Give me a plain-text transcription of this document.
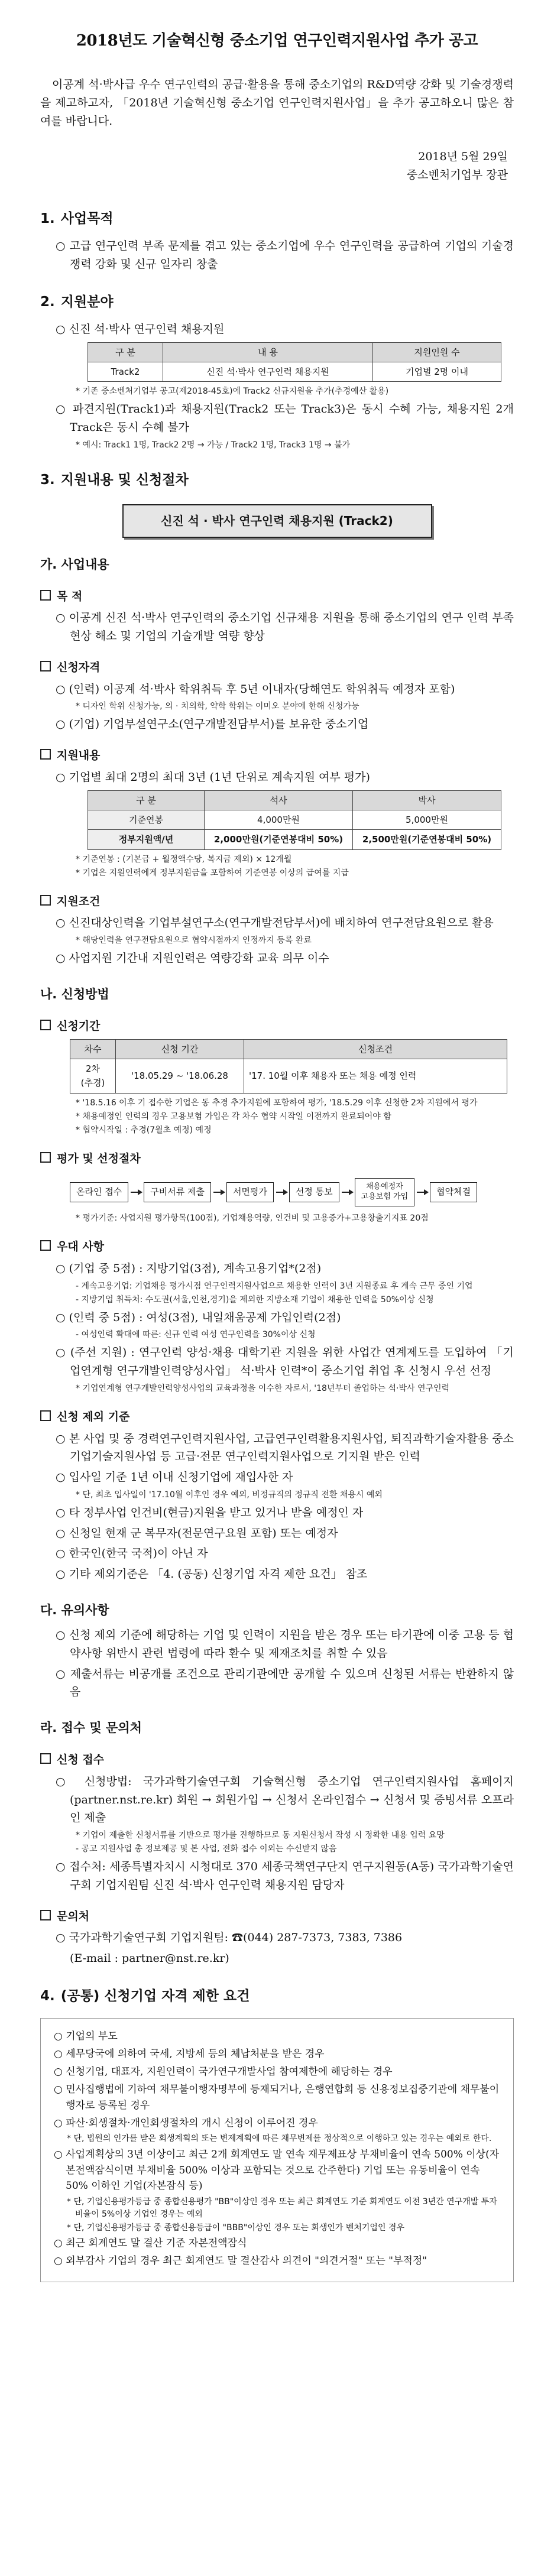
2018년도 기술혁신형 중소기업 연구인력지원사업 추가 공고

이공계 석·박사급 우수 연구인력의 공급·활용을 통해 중소기업의 R&D역량 강화 및 기술경쟁력을 제고하고자, 「2018년 기술혁신형 중소기업 연구인력지원사업」을 추가 공고하오니 많은 참여를 바랍니다.

2018년 5월 29일

중소벤처기업부 장관

1. 사업목적

○ 고급 연구인력 부족 문제를 겪고 있는 중소기업에 우수 연구인력을 공급하여 기업의 기술경쟁력 강화 및 신규 일자리 창출

2. 지원분야

○ 신진 석·박사 연구인력 채용지원

구 분	내 용	지원인원 수
Track2	신진 석·박사 연구인력 채용지원	기업별 2명 이내

* 기존 중소벤처기업부 공고(제2018-45호)에 Track2 신규지원을 추가(추경예산 활용)

○ 파견지원(Track1)과 채용지원(Track2 또는 Track3)은 동시 수혜 가능, 채용지원 2개 Track은 동시 수혜 불가

* 예시: Track1 1명, Track2 2명 → 가능 / Track2 1명, Track3 1명 → 불가

3. 지원내용 및 신청절차
신진 석 · 박사 연구인력 채용지원 (Track2)
가. 사업내용
목 적

○ 이공계 신진 석·박사 연구인력의 중소기업 신규채용 지원을 통해 중소기업의 연구 인력 부족 현상 해소 및 기업의 기술개발 역량 향상

신청자격

○ (인력) 이공계 석·박사 학위취득 후 5년 이내자(당해연도 학위취득 예정자 포함)

* 디자인 학위 신청가능, 의 · 치의학, 약학 학위는 이미오 분야에 한해 신청가능

○ (기업) 기업부설연구소(연구개발전담부서)를 보유한 중소기업

지원내용

○ 기업별 최대 2명의 최대 3년 (1년 단위로 계속지원 여부 평가)

구 분	석사	박사
기준연봉	4,000만원	5,000만원
정부지원액/년	2,000만원(기준연봉대비 50%)	2,500만원(기준연봉대비 50%)

* 기준연봉 : (기본급 + 월정액수당, 복지금 제외) × 12개월

* 기업은 지원인력에게 정부지원금을 포함하여 기준연봉 이상의 급여를 지급

지원조건

○ 신진대상인력을 기업부설연구소(연구개발전담부서)에 배치하여 연구전담요원으로 활용

* 해당인력을 연구전담요원으로 협약시점까지 인정까지 등록 완료

○ 사업지원 기간내 지원인력은 역량강화 교육 의무 이수

나. 신청방법
신청기간
차수	신청 기간	신청조건
2차
(추경)	'18.05.29 ~ '18.06.28	'17. 10월 이후 채용자 또는 채용 예정 인력

* '18.5.16 이후 기 접수한 기업은 동 추경 추가지원에 포함하여 평가, '18.5.29 이후 신청한 2차 지원에서 평가

* 채용예정인 인력의 경우 고용보험 가입은 각 차수 협약 시작일 이전까지 완료되어야 함

* 협약시작일 : 추경(7월초 예정) 예정

평가 및 선정절차
온라인 접수	구비서류 제출	서면평가	선정 통보	채용예정자
고용보험 가입	협약체결

* 평가기준: 사업지원 평가항목(100점), 기업채용역량, 인건비 및 고용증가+고용창출기지표 20점

우대 사항

○ (기업 중 5점) : 지방기업(3점), 계속고용기업*(2점)

- 계속고용기업: 기업채용 평가시점 연구인력지원사업으로 채용한 인력이 3년 지원종료 후 계속 근무 중인 기업

- 지방기업 취득처: 수도권(서울,인천,경기)을 제외한 지방소재 기업이 채용한 인력을 50%이상 신청

○ (인력 중 5점) : 여성(3점), 내일채움공제 가입인력(2점)

- 여성인력 확대에 따른: 신규 인력 여성 연구인력을 30%이상 신청

○ (주선 지원) : 연구인력 양성·채용 대학기관 지원을 위한 사업간 연계제도를 도입하여 「기업연계형 연구개발인력양성사업」 석·박사 인력*이 중소기업 취업 후 신청시 우선 선정

* 기업연계형 연구개발인력양성사업의 교육과정을 이수한 자로서, '18년부터 졸업하는 석·박사 연구인력

신청 제외 기준

○ 본 사업 및 중 경력연구인력지원사업, 고급연구인력활용지원사업, 퇴직과학기술자활용 중소기업기술지원사업 등 고급·전문 연구인력지원사업으로 기지원 받은 인력

○ 입사일 기준 1년 이내 신청기업에 재입사한 자

* 단, 최초 입사일이 '17.10월 이후인 경우 예외, 비정규직의 정규직 전환 채용시 예외

○ 타 정부사업 인건비(현금)지원을 받고 있거나 받을 예정인 자

○ 신청일 현재 군 복무자(전문연구요원 포함) 또는 예정자

○ 한국인(한국 국적)이 아닌 자

○ 기타 제외기준은 「4. (공동) 신청기업 자격 제한 요건」 참조

다. 유의사항

○ 신청 제외 기준에 해당하는 기업 및 인력이 지원을 받은 경우 또는 타기관에 이중 고용 등 협약사항 위반시 관련 법령에 따라 환수 및 제재조치를 취할 수 있음

○ 제출서류는 비공개를 조건으로 관리기관에만 공개할 수 있으며 신청된 서류는 반환하지 않음

라. 접수 및 문의처
신청 접수

○ 신청방법: 국가과학기술연구회 기술혁신형 중소기업 연구인력지원사업 홈페이지(partner.nst.re.kr) 회원 → 회원가입 → 신청서 온라인접수 → 신청서 및 증빙서류 오프라인 제출

* 기업이 제출한 신청서류를 기반으로 평가를 진행하므로 동 지원신청서 작성 시 정확한 내용 입력 요망

- 공고 지원사업 총 정보제공 및 본 사업, 전화 접수 이외는 수신받지 않음

○ 접수처: 세종특별자치시 시청대로 370 세종국책연구단지 연구지원동(A동) 국가과학기술연구회 기업지원팀 신진 석·박사 연구인력 채용지원 담당자

문의처

○ 국가과학기술연구회 기업지원팀: ☎(044) 287-7373, 7383, 7386

(E-mail : partner@nst.re.kr)

4. (공통) 신청기업 자격 제한 요건

○ 기업의 부도

○ 세무당국에 의하여 국세, 지방세 등의 체납처분을 받은 경우

○ 신청기업, 대표자, 지원인력이 국가연구개발사업 참여제한에 해당하는 경우

○ 민사집행법에 기하여 채무불이행자명부에 등재되거나, 은행연합회 등 신용정보집중기관에 채무불이행자로 등록된 경우

○ 파산·회생절차·개인회생절차의 개시 신청이 이루어진 경우

* 단, 법원의 인가를 받은 회생계획의 또는 변제계획에 따른 채무변제를 정상적으로 이행하고 있는 경우는 예외로 한다.

○ 사업계획상의 3년 이상이고 최근 2개 회계연도 말 연속 재무제표상 부채비율이 연속 500% 이상(자본전액잠식이면 부채비율 500% 이상과 포함되는 것으로 간주한다) 기업 또는 유동비율이 연속 50% 이하인 기업(자본잠식 등)

* 단, 기업신용평가등급 중 종합신용평가 "BB"이상인 경우 또는 최근 회계연도 기준 회계연도 이전 3년간 연구개발 투자비율이 5%이상 기업인 경우는 예외

* 단, 기업신용평가등급 중 종합신용등급이 "BBB"이상인 경우 또는 회생인가 벤처기업인 경우

○ 최근 회계연도 말 결산 기준 자본전액잠식

○ 외부감사 기업의 경우 최근 회계연도 말 결산감사 의견이 "의견거절" 또는 "부적정"
